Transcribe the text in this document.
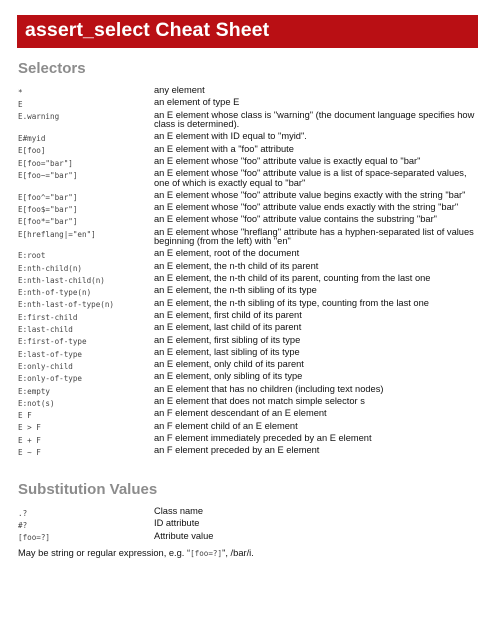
assert_select Cheat Sheet
Selectors
*	any element
E	an element of type E
E.warning	an E element whose class is "warning" (the document language specifies how class is determined).
E#myid	an E element with ID equal to "myid".
E[foo]	an E element with a "foo" attribute
E[foo="bar"]	an E element whose "foo" attribute value is exactly equal to "bar"
E[foo~="bar"]	an E element whose "foo" attribute value is a list of space-separated values, one of which is exactly equal to "bar"
E[foo^="bar"]	an E element whose "foo" attribute value begins exactly with the string "bar"
E[foo$="bar"]	an E element whose "foo" attribute value ends exactly with the string "bar"
E[foo*="bar"]	an E element whose "foo" attribute value contains the substring "bar"
E[hreflang|="en"]	an E element whose "hreflang" attribute has a hyphen-separated list of values beginning (from the left) with "en"
E:root	an E element, root of the document
E:nth-child(n)	an E element, the n-th child of its parent
E:nth-last-child(n)	an E element, the n-th child of its parent, counting from the last one
E:nth-of-type(n)	an E element, the n-th sibling of its type
E:nth-last-of-type(n)	an E element, the n-th sibling of its type, counting from the last one
E:first-child	an E element, first child of its parent
E:last-child	an E element, last child of its parent
E:first-of-type	an E element, first sibling of its type
E:last-of-type	an E element, last sibling of its type
E:only-child	an E element, only child of its parent
E:only-of-type	an E element, only sibling of its type
E:empty	an E element that has no children (including text nodes)
E:not(s)	an E element that does not match simple selector s
E F	an F element descendant of an E element
E > F	an F element child of an E element
E + F	an F element immediately preceded by an E element
E ~ F	an F element preceded by an E element
Substitution Values
.?	Class name
#?	ID attribute
[foo=?]	Attribute value
May be string or regular expression, e.g. “[foo=?]", /bar/i.
